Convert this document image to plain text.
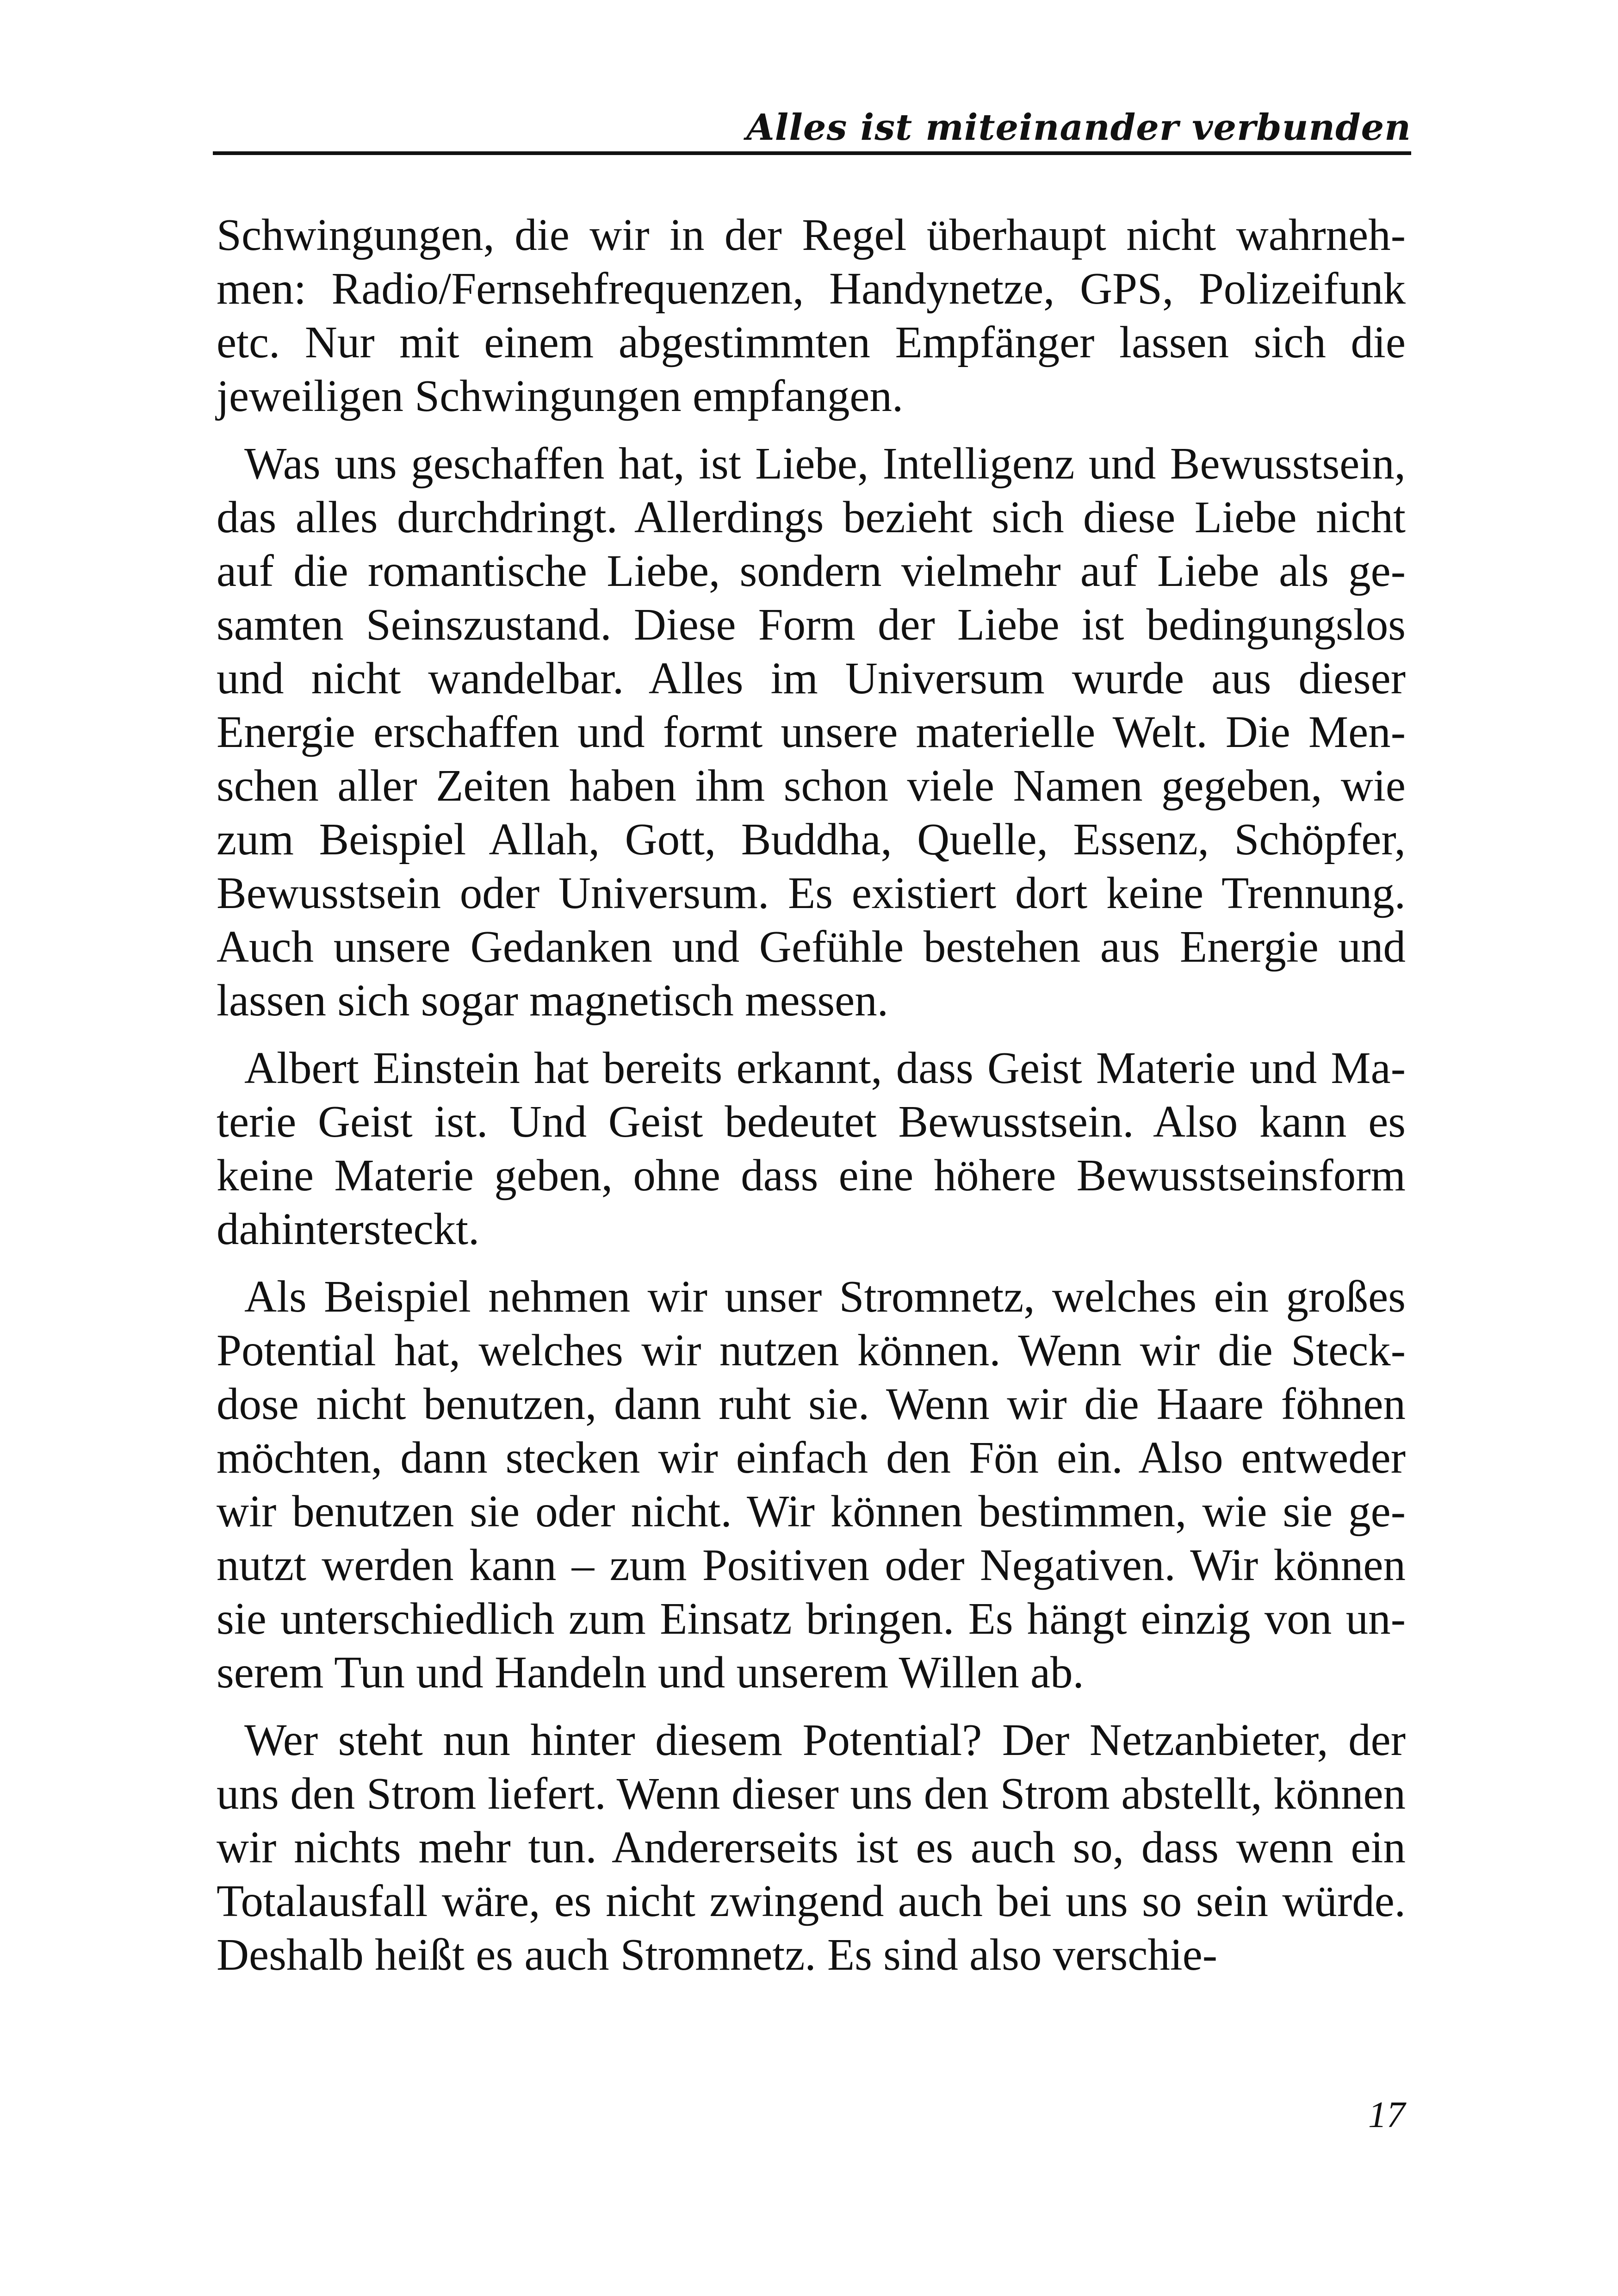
Alles ist miteinander verbunden

Schwingungen, die wir in der Regel überhaupt nicht wahrnehmen: Radio/Fernsehfrequenzen, Handynetze, GPS, Polizeifunk etc. Nur mit einem abgestimmten Empfänger lassen sich die jeweiligen Schwingungen empfangen.

Was uns geschaffen hat, ist Liebe, Intelligenz und Bewusstsein, das alles durchdringt. Allerdings bezieht sich diese Liebe nicht auf die romantische Liebe, sondern vielmehr auf Liebe als gesamten Seinszustand. Diese Form der Liebe ist bedingungslos und nicht wandelbar. Alles im Universum wurde aus dieser Energie erschaffen und formt unsere materielle Welt. Die Menschen aller Zeiten haben ihm schon viele Namen gegeben, wie zum Beispiel Allah, Gott, Buddha, Quelle, Essenz, Schöpfer, Bewusstsein oder Universum. Es existiert dort keine Trennung. Auch unsere Gedanken und Gefühle bestehen aus Energie und lassen sich sogar magnetisch messen.

Albert Einstein hat bereits erkannt, dass Geist Materie und Materie Geist ist. Und Geist bedeutet Bewusstsein. Also kann es keine Materie geben, ohne dass eine höhere Bewusstseinsform dahintersteckt.

Als Beispiel nehmen wir unser Stromnetz, welches ein großes Potential hat, welches wir nutzen können. Wenn wir die Steckdose nicht benutzen, dann ruht sie. Wenn wir die Haare föhnen möchten, dann stecken wir einfach den Fön ein. Also entweder wir benutzen sie oder nicht. Wir können bestimmen, wie sie genutzt werden kann – zum Positiven oder Negativen. Wir können sie unterschiedlich zum Einsatz bringen. Es hängt einzig von unserem Tun und Handeln und unserem Willen ab.

Wer steht nun hinter diesem Potential? Der Netzanbieter, der uns den Strom liefert. Wenn dieser uns den Strom abstellt, können wir nichts mehr tun. Andererseits ist es auch so, dass wenn ein Totalausfall wäre, es nicht zwingend auch bei uns so sein würde. Deshalb heißt es auch Stromnetz. Es sind also verschie-

17
